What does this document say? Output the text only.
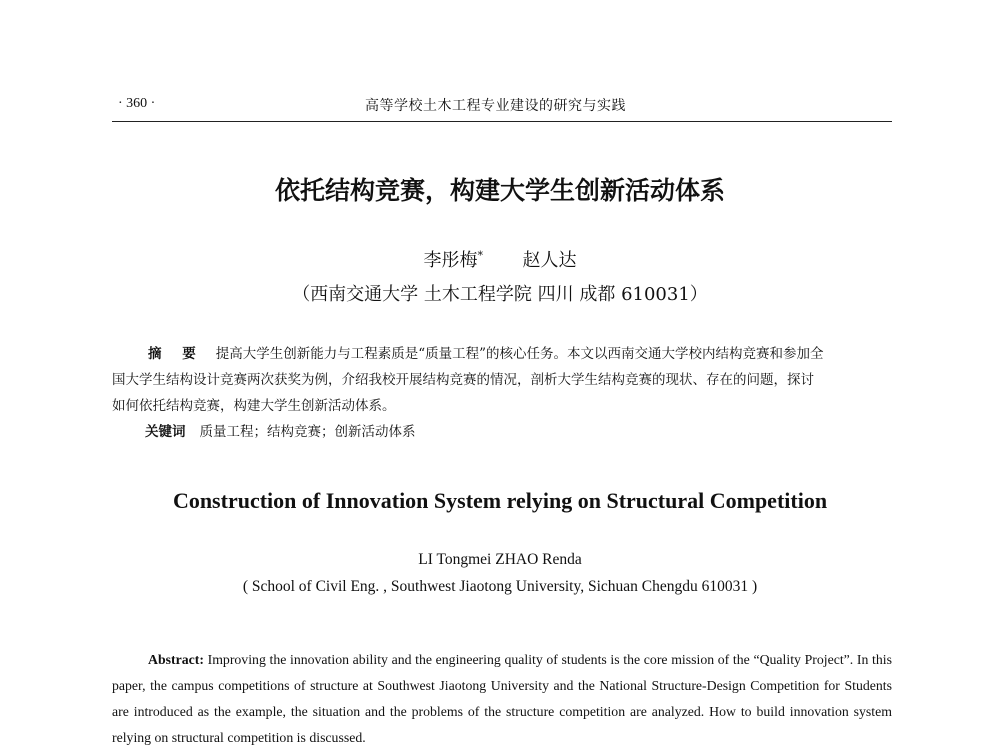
· 360 ·	高等学校土木工程专业建设的研究与实践
依托结构竞赛，构建大学生创新活动体系
李彤梅* 赵人达
（西南交通大学 土木工程学院 四川 成都 610031）
摘 要 提高大学生创新能力与工程素质是“质量工程”的核心任务。本文以西南交通大学校内结构竞赛和参加全
国大学生结构设计竞赛两次获奖为例，介绍我校开展结构竞赛的情况，剖析大学生结构竞赛的现状、存在的问题，探讨
如何依托结构竞赛，构建大学生创新活动体系。
关键词 质量工程；结构竞赛；创新活动体系
Construction of Innovation System relying on Structural Competition
LI Tongmei ZHAO Renda
( School of Civil Eng. , Southwest Jiaotong University, Sichuan Chengdu 610031 )
Abstract: Improving the innovation ability and the engineering quality of students is the core mission of the “Quality Project”. In this paper, the campus competitions of structure at Southwest Jiaotong University and the National Structure-Design Competition for Students are introduced as the example, the situation and the problems of the structure competition are analyzed. How to build innovation system relying on structural competition is discussed.
